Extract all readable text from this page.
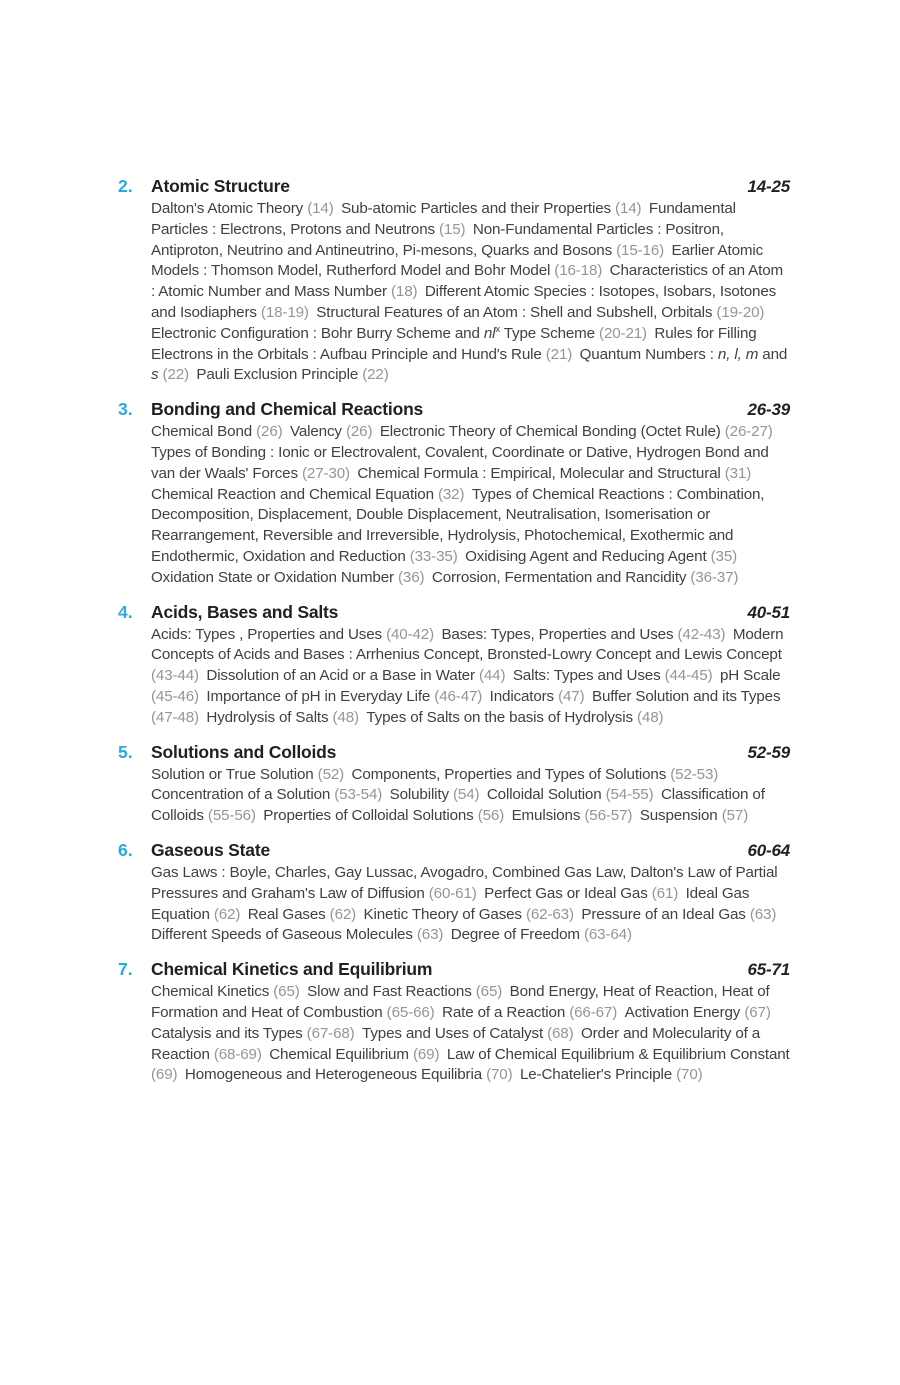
2.	Atomic Structure	14-25

Dalton's Atomic Theory (14)  Sub-atomic Particles and their Properties (14)  Fundamental Particles : Electrons, Protons and Neutrons (15)  Non-Fundamental Particles : Positron, Antiproton, Neutrino and Antineutrino, Pi-mesons, Quarks and Bosons (15-16)  Earlier Atomic Models : Thomson Model, Rutherford Model and Bohr Model (16-18)  Characteristics of an Atom : Atomic Number and Mass Number (18)  Different Atomic Species : Isotopes, Isobars, Isotones and Isodiaphers (18-19)  Structural Features of an Atom : Shell and Subshell, Orbitals (19-20) Electronic Configuration : Bohr Burry Scheme and $nl^x$ Type Scheme (20-21)  Rules for Filling Electrons in the Orbitals : Aufbau Principle and Hund's Rule (21)  Quantum Numbers : n, l, m and s (22)  Pauli Exclusion Principle (22)

3.	Bonding and Chemical Reactions	26-39

Chemical Bond (26)  Valency (26)  Electronic Theory of Chemical Bonding (Octet Rule) (26-27) Types of Bonding : Ionic or Electrovalent, Covalent, Coordinate or Dative, Hydrogen Bond and van der Waals' Forces (27-30)  Chemical Formula : Empirical, Molecular and Structural (31) Chemical Reaction and Chemical Equation (32)  Types of Chemical Reactions : Combination, Decomposition, Displacement, Double Displacement, Neutralisation, Isomerisation or Rearrangement, Reversible and Irreversible, Hydrolysis, Photochemical, Exothermic and Endothermic, Oxidation and Reduction (33-35)  Oxidising Agent and Reducing Agent (35) Oxidation State or Oxidation Number (36)  Corrosion, Fermentation and Rancidity (36-37)

4.	Acids, Bases and Salts	40-51

Acids: Types , Properties and Uses (40-42)  Bases: Types, Properties and Uses (42-43)  Modern Concepts of Acids and Bases : Arrhenius Concept, Bronsted-Lowry Concept and Lewis Concept (43-44)  Dissolution of an Acid or a Base in Water (44)  Salts: Types and Uses (44-45)  pH Scale (45-46)  Importance of pH in Everyday Life (46-47)  Indicators (47)  Buffer Solution and its Types (47-48)  Hydrolysis of Salts (48)  Types of Salts on the basis of Hydrolysis (48)

5.	Solutions and Colloids	52-59

Solution or True Solution (52)  Components, Properties and Types of Solutions (52-53) Concentration of a Solution (53-54)  Solubility (54)  Colloidal Solution (54-55)  Classification of Colloids (55-56)  Properties of Colloidal Solutions (56)  Emulsions (56-57)  Suspension (57)

6.	Gaseous State	60-64

Gas Laws : Boyle, Charles, Gay Lussac, Avogadro, Combined Gas Law, Dalton's Law of Partial Pressures and Graham's Law of Diffusion (60-61)  Perfect Gas or Ideal Gas (61)  Ideal Gas Equation (62)  Real Gases (62)  Kinetic Theory of Gases (62-63)  Pressure of an Ideal Gas (63) Different Speeds of Gaseous Molecules (63)  Degree of Freedom (63-64)

7.	Chemical Kinetics and Equilibrium	65-71

Chemical Kinetics (65)  Slow and Fast Reactions (65)  Bond Energy, Heat of Reaction, Heat of Formation and Heat of Combustion (65-66)  Rate of a Reaction (66-67)  Activation Energy (67) Catalysis and its Types (67-68)  Types and Uses of Catalyst (68)  Order and Molecularity of a Reaction (68-69)  Chemical Equilibrium (69)  Law of Chemical Equilibrium & Equilibrium Constant (69)  Homogeneous and Heterogeneous Equilibria (70)  Le-Chatelier's Principle (70)
